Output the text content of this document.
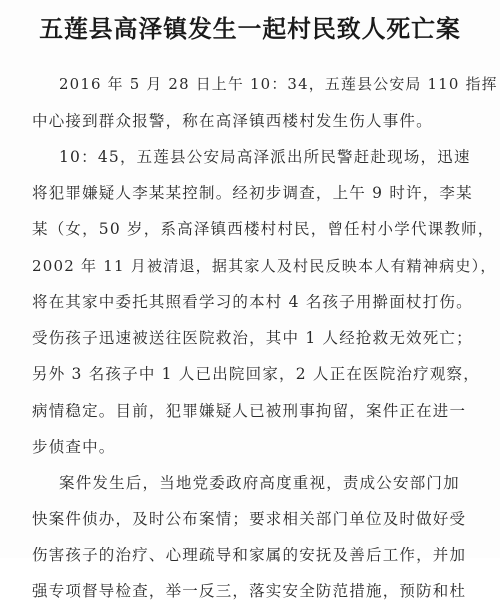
五莲县高泽镇发生一起村民致人死亡案
2016 年 5 月 28 日上午 10：34，五莲县公安局 110 指挥
中心接到群众报警，称在高泽镇西楼村发生伤人事件。
10：45，五莲县公安局高泽派出所民警赶赴现场，迅速
将犯罪嫌疑人李某某控制。经初步调查，上午 9 时许，李某
某（女，50 岁，系高泽镇西楼村村民，曾任村小学代课教师，
2002 年 11 月被清退，据其家人及村民反映本人有精神病史），
将在其家中委托其照看学习的本村 4 名孩子用擀面杖打伤。
受伤孩子迅速被送往医院救治，其中 1 人经抢救无效死亡；
另外 3 名孩子中 1 人已出院回家，2 人正在医院治疗观察，
病情稳定。目前，犯罪嫌疑人已被刑事拘留，案件正在进一
步侦查中。
案件发生后，当地党委政府高度重视，责成公安部门加
快案件侦办，及时公布案情；要求相关部门单位及时做好受
伤害孩子的治疗、心理疏导和家属的安抚及善后工作，并加
强专项督导检查，举一反三，落实安全防范措施，预防和杜
